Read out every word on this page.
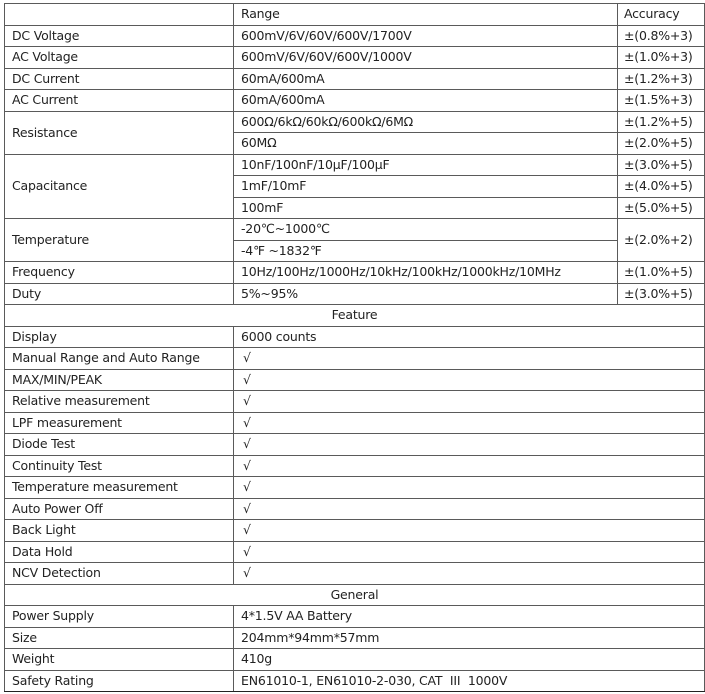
	Range	Accuracy
DC Voltage	600mV/6V/60V/600V/1700V	±(0.8%+3)
AC Voltage	600mV/6V/60V/600V/1000V	±(1.0%+3)
DC Current	60mA/600mA	±(1.2%+3)
AC Current	60mA/600mA	±(1.5%+3)
Resistance	600Ω/6kΩ/60kΩ/600kΩ/6MΩ	±(1.2%+5)
	60MΩ	±(2.0%+5)
Capacitance	10nF/100nF/10μF/100μF	±(3.0%+5)
	1mF/10mF	±(4.0%+5)
	100mF	±(5.0%+5)
Temperature	-20℃~1000℃	±(2.0%+2)
	-4℉ ~1832℉	
Frequency	10Hz/100Hz/1000Hz/10kHz/100kHz/1000kHz/10MHz	±(1.0%+5)
Duty	5%~95%	±(3.0%+5)
Feature		
Display	6000 counts	
Manual Range and Auto Range	√	
MAX/MIN/PEAK	√	
Relative measurement	√	
LPF measurement	√	
Diode Test	√	
Continuity Test	√	
Temperature measurement	√	
Auto Power Off	√	
Back Light	√	
Data Hold	√	
NCV Detection	√	
General		
Power Supply	4*1.5V AA Battery	
Size	204mm*94mm*57mm	
Weight	410g	
Safety Rating	EN61010-1, EN61010-2-030, CAT  III  1000V	
